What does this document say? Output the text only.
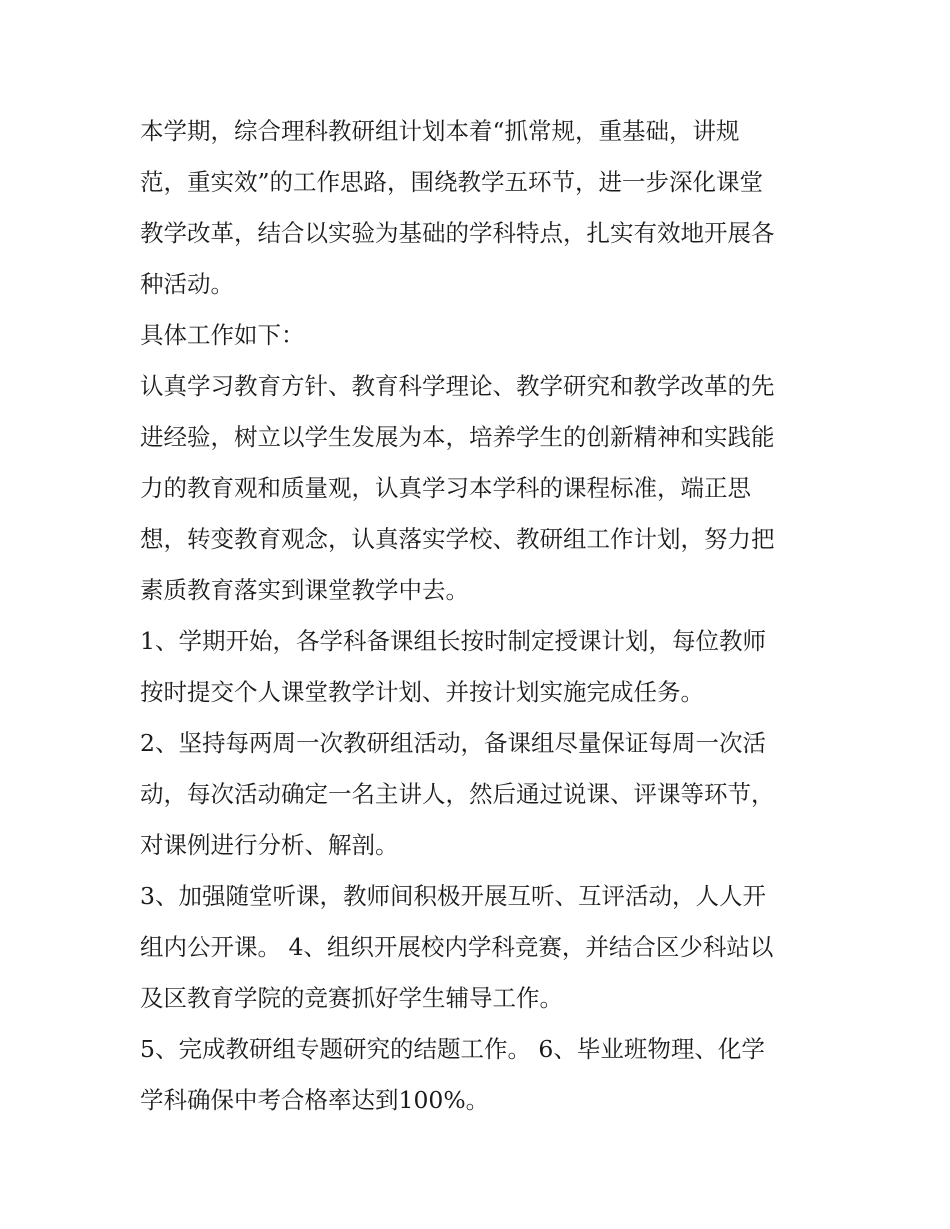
本学期，综合理科教研组计划本着“抓常规，重基础，讲规
范，重实效”的工作思路，围绕教学五环节，进一步深化课堂
教学改革，结合以实验为基础的学科特点，扎实有效地开展各
种活动。

具体工作如下：

认真学习教育方针、教育科学理论、教学研究和教学改革的先
进经验，树立以学生发展为本，培养学生的创新精神和实践能
力的教育观和质量观，认真学习本学科的课程标准，端正思
想，转变教育观念，认真落实学校、教研组工作计划，努力把
素质教育落实到课堂教学中去。

1、学期开始，各学科备课组长按时制定授课计划，每位教师
按时提交个人课堂教学计划、并按计划实施完成任务。

2、坚持每两周一次教研组活动，备课组尽量保证每周一次活
动，每次活动确定一名主讲人，然后通过说课、评课等环节，
对课例进行分析、解剖。

3、加强随堂听课，教师间积极开展互听、互评活动，人人开
组内公开课。 4、组织开展校内学科竞赛，并结合区少科站以
及区教育学院的竞赛抓好学生辅导工作。

5、完成教研组专题研究的结题工作。 6、毕业班物理、化学
学科确保中考合格率达到100%。
